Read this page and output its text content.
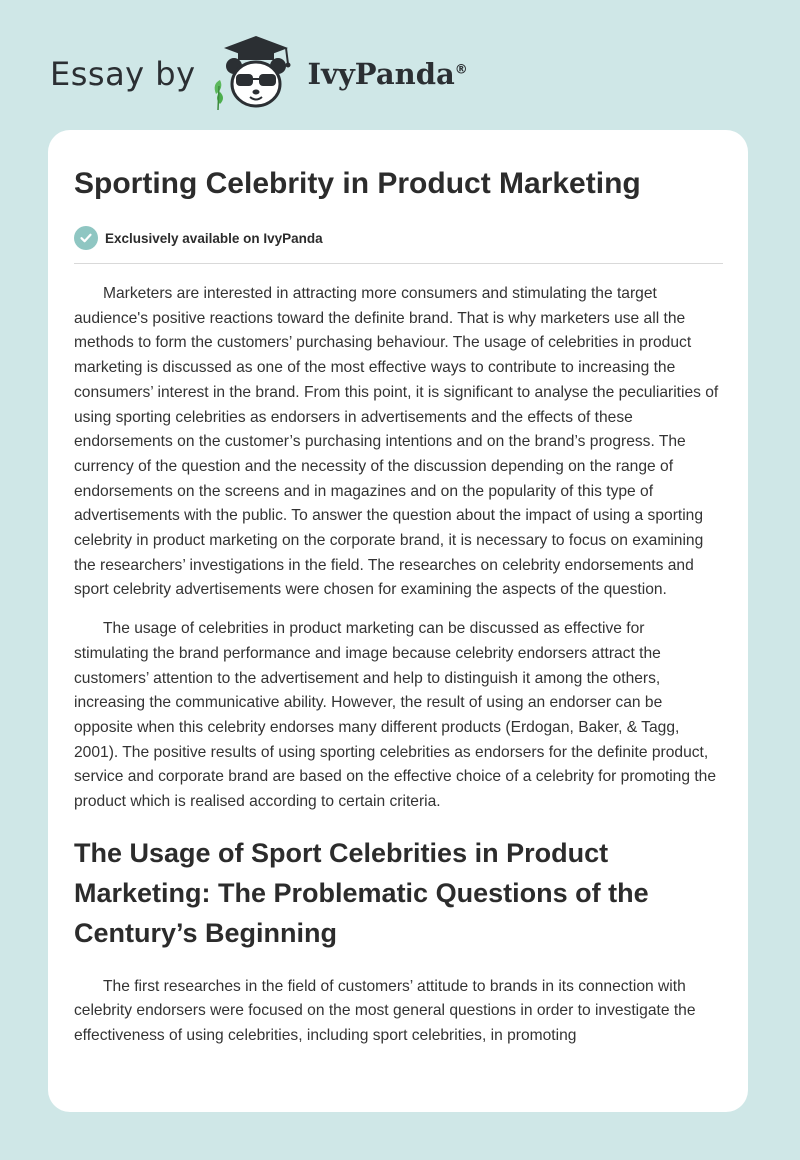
Essay by	IvyPanda®
Sporting Celebrity in Product Marketing
Exclusively available on IvyPanda

Marketers are interested in attracting more consumers and stimulating the target audience's positive reactions toward the definite brand. That is why marketers use all the methods to form the customers’ purchasing behaviour. The usage of celebrities in product marketing is discussed as one of the most effective ways to contribute to increasing the consumers’ interest in the brand. From this point, it is significant to analyse the peculiarities of using sporting celebrities as endorsers in advertisements and the effects of these endorsements on the customer’s purchasing intentions and on the brand’s progress. The currency of the question and the necessity of the discussion depending on the range of endorsements on the screens and in magazines and on the popularity of this type of advertisements with the public. To answer the question about the impact of using a sporting celebrity in product marketing on the corporate brand, it is necessary to focus on examining the researchers’ investigations in the field. The researches on celebrity endorsements and sport celebrity advertisements were chosen for examining the aspects of the question.

The usage of celebrities in product marketing can be discussed as effective for stimulating the brand performance and image because celebrity endorsers attract the customers’ attention to the advertisement and help to distinguish it among the others, increasing the communicative ability. However, the result of using an endorser can be opposite when this celebrity endorses many different products (Erdogan, Baker, & Tagg, 2001). The positive results of using sporting celebrities as endorsers for the definite product, service and corporate brand are based on the effective choice of a celebrity for promoting the product which is realised according to certain criteria.

The Usage of Sport Celebrities in Product Marketing: The Problematic Questions of the Century’s Beginning

The first researches in the field of customers’ attitude to brands in its connection with celebrity endorsers were focused on the most general questions in order to investigate the effectiveness of using celebrities, including sport celebrities, in promoting
